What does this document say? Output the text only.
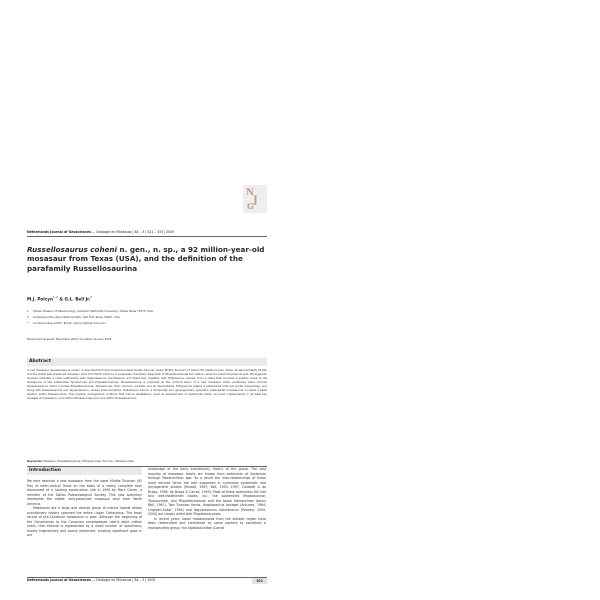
N
J
G
Netherlands Journal of Geosciences — Geologie en Mijnbouw | 84 – 3 | 321 – 333 | 2005
Russellosaurus coheni n. gen., n. sp., a 92 million-year-old mosasaur from Texas (USA), and the definition of the parafamily Russellosaurina
M.J. Polcyn$^{1, 2}$ & G.L. Bell Jr.$^2$
1 Shuler Museum of Paleontology, Southern Methodist University, Dallas Texas 75275, USA.
2 Guadalupe Mountains National Park, Salt Flat, Texas 79847, USA.
* Corresponding author. Email: mpolcyn@mail.smu.edu
Manuscript received: November 2004; accepted: January 2005
Abstract
A new mosasaur, Russellosaurus coheni, is described from the Coniacian-lowest middle Turonian (lower Middle Turonian) of Cedar Hill, Dallas County, Texas. At approximately 92 Ma, it is the oldest well-preserved mosasaur skull from North America. It possesses characters diagnostic of Plioplatecarpinae but retains numerous plesiomorphies as well. Phylogenetic analysis indicates a close relationship with Yaguarasaurus columbianus, and these two, together with Tethysaurus nopcsai, form a clade that occupies a position basal to the divergence of the subfamilies Tylosaurinae and Plioplatecarpinae. Russellosaurina is proposed as the nominal taxon of a new mosasaur clade, parafamily taxon termed Russellosaurina, which includes Plioplatecarpinae, Tylosaurinae, their common ancestor and all descendants. Tethysaurus retains a plesiopedal limb and girdle morphology, and along with Russellosaurus and Yaguarasaurus, ranked plesiomorphies. Dallasaurus turneri, a temporally and geographically sympatric plesiopedal mosasauroid occupies a basal position within Mosasaurinae. This phyletic arrangement confirms that marine adaptations, such as development of paddle-like limbs, occurred independently in at least two lineages of mosasaurs, once within Mosasaurinae and once within Russellosaurina.
Keywords: Mosasaur, Plioplatecarpinae, Tethysaurinae, Turonian, Mosasauridae
Introduction

We here describe a new mosasaur from the lower Middle Turonian (92 Ma) of north-central Texas on the basis of a nearly complete skull discovered at a housing construction site in 1990 by Mark Cohen, a member of the Dallas Paleontological Society. This new specimen represents the oldest, well-preserved mosasaur skull from North America.

Mosasaurs are a large and diverse group of marine lizards whose evolutionary history spanned the entire Upper Cretaceous. The fossil record of pre-Coniacian mosasaurs is poor. Although the beginning of the Cenomanian to the Coniacian encompasses nearly eight million years, that interval is represented by a small number of specimens, mostly fragmentary and poorly preserved, creating significant gaps in our

knowledge of the early evolutionary history of the group. The vast majority of mosasaur fossils are known from sediments of Santonian through Maastrichtian age. As a result the inter-relationships of these more derived forms are well supported in numerous systematic and phylogenetic studies (Russell, 1967; Bell, 1993, 1997; Caldwell & de Braga, 1998; de Braga & Carroll, 1993). Most of these specimens fall into four well-established clades, viz., the subfamilies Mosasaurinae, Tylosaurinae, and Plioplatecarpinae and the taxon Halisaurinae (sensu Bell, 1997). Two Turonian forms, Angolasaurus bocagei (Antunes, 1964; Lingham-Soliar, 1994) and Yaguarasaurus columbianus (Paramo, 1994, 2000) are closely allied with Plioplatecarpinae.

In recent years, basal mosasauroids from the Adriatic region have been redescribed and considered by some workers to constitute a monophyletic group, the Aigialosauridae (Carroll

Netherlands Journal of Geosciences — Geologie en Mijnbouw | 84 – 3 | 2005	321
